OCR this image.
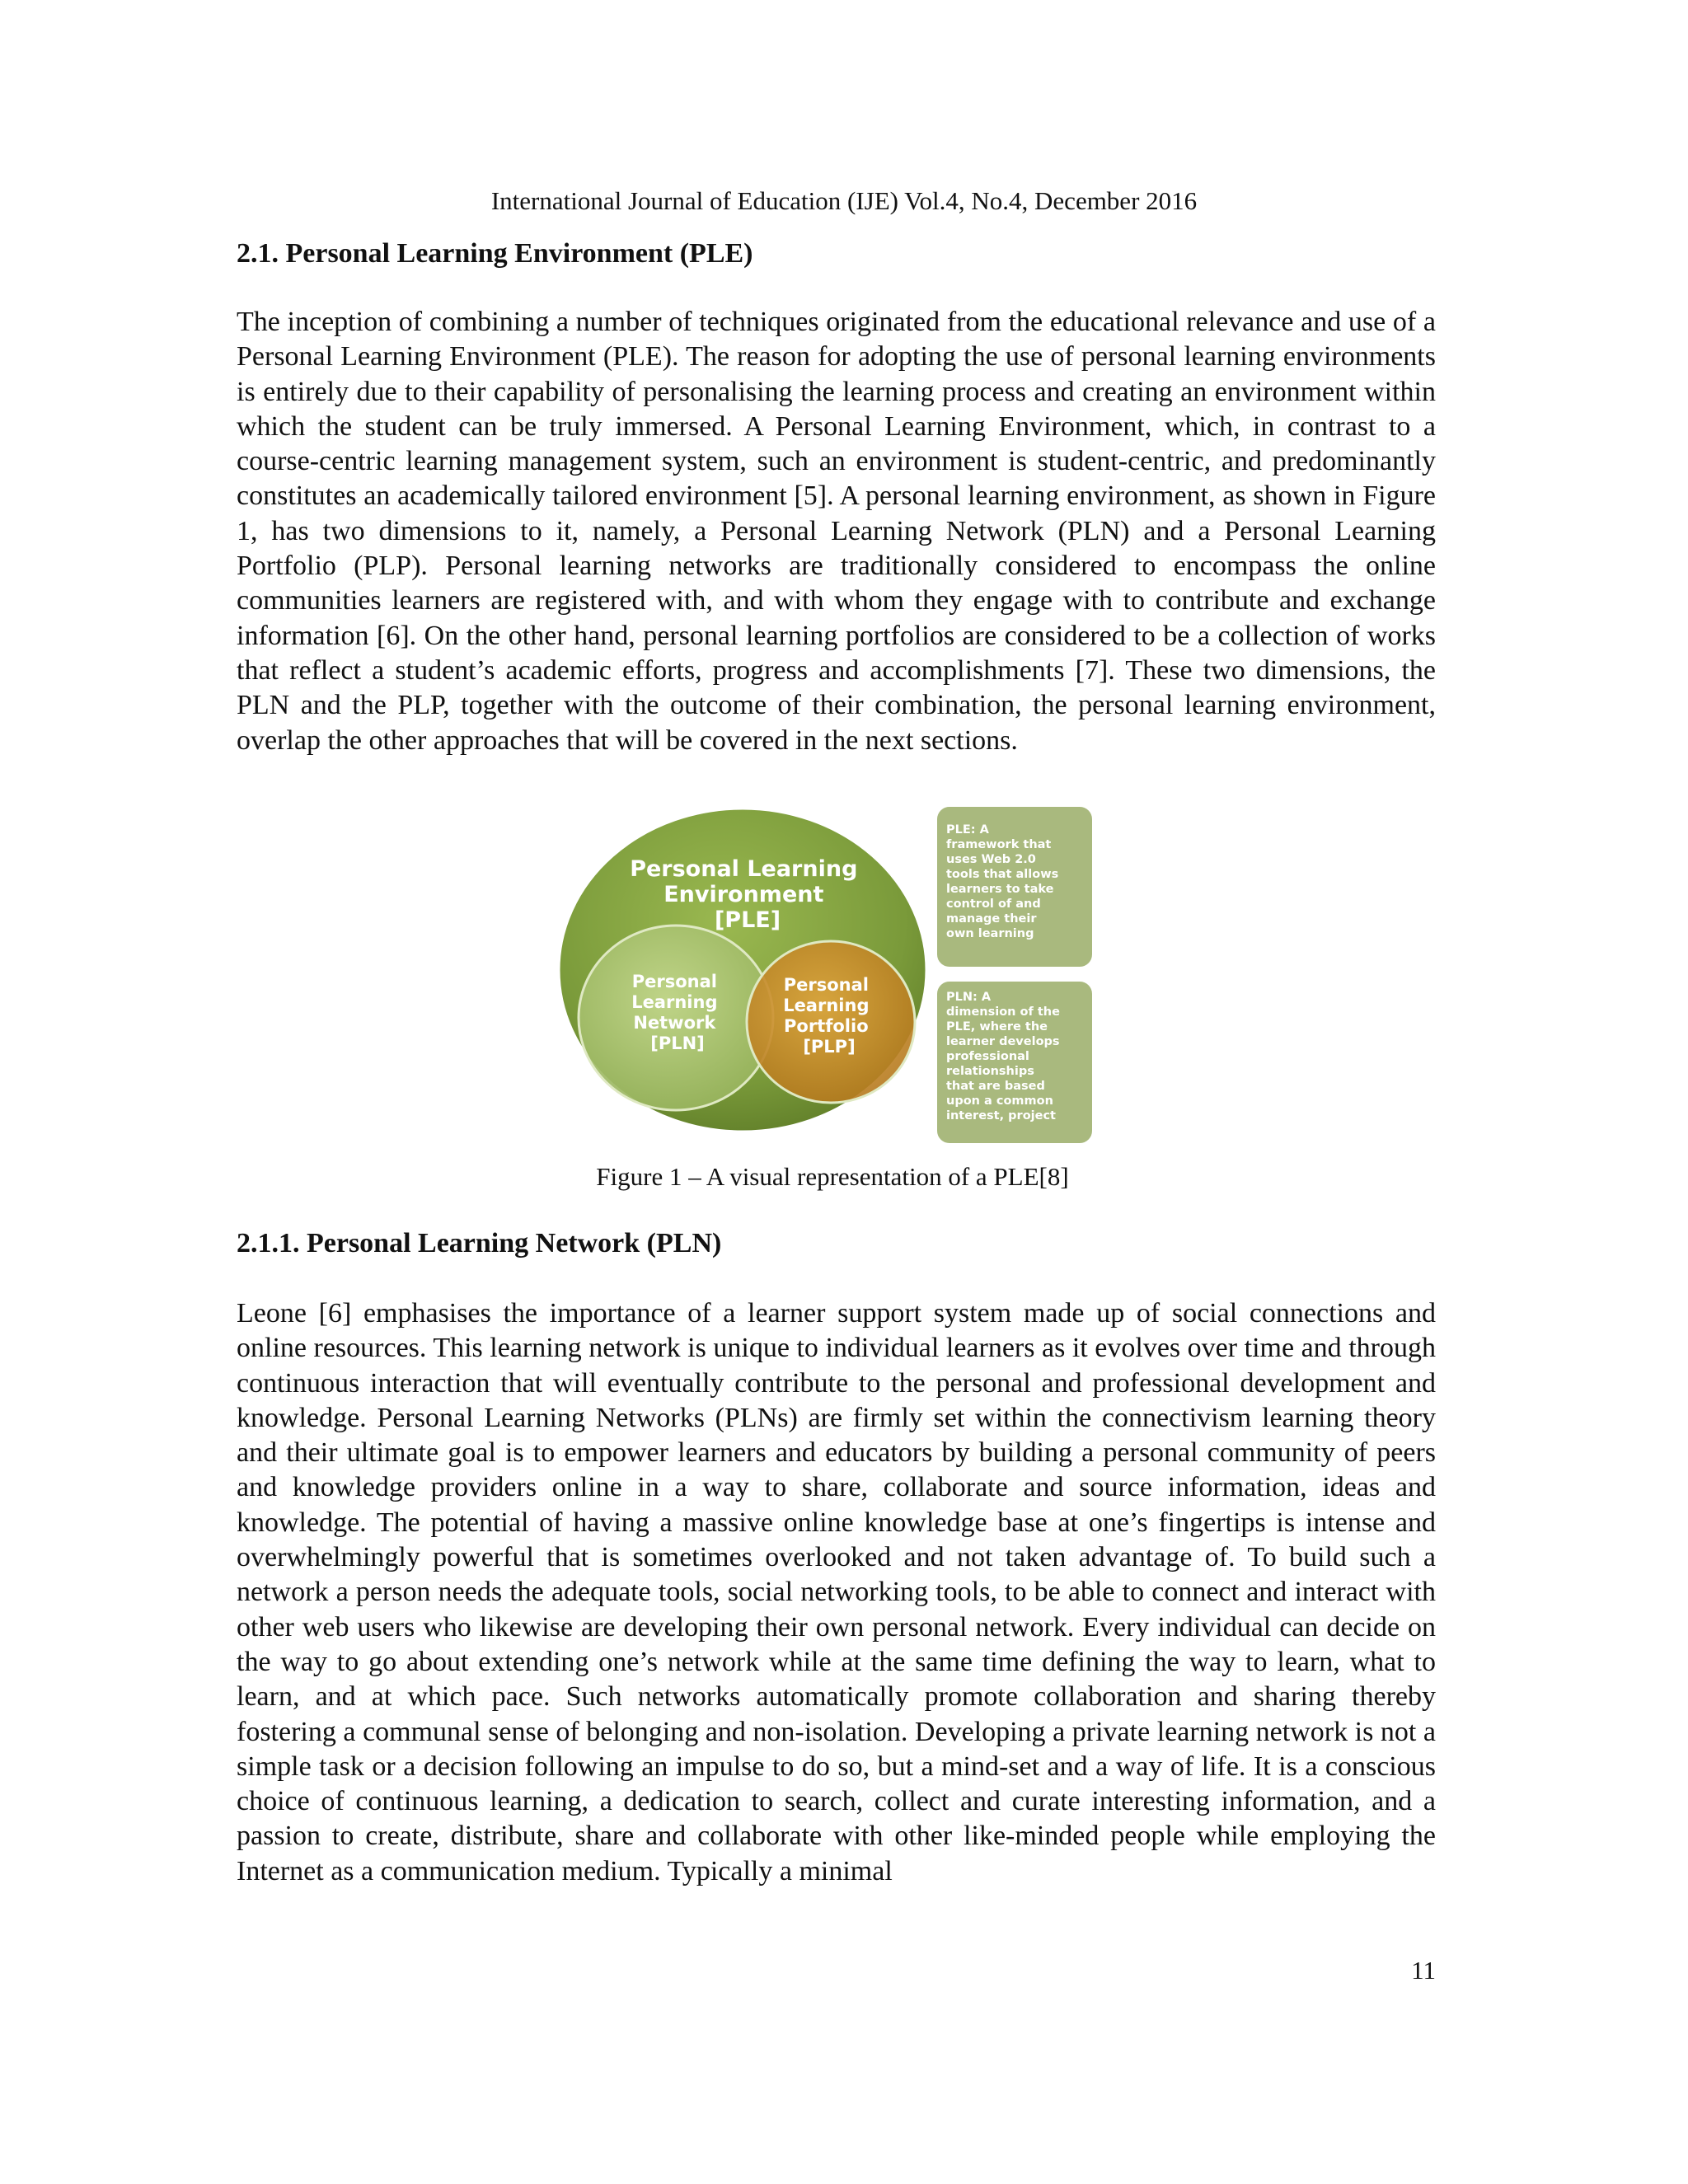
International Journal of Education (IJE) Vol.4, No.4, December 2016
2.1. Personal Learning Environment (PLE)

The inception of combining a number of techniques originated from the educational relevance and use of a Personal Learning Environment (PLE). The reason for adopting the use of personal learning environments is entirely due to their capability of personalising the learning process and creating an environment within which the student can be truly immersed. A Personal Learning Environment, which, in contrast to a course-centric learning management system, such an environment is student-centric, and predominantly constitutes an academically tailored environment [5]. A personal learning environment, as shown in Figure 1, has two dimensions to it, namely, a Personal Learning Network (PLN) and a Personal Learning Portfolio (PLP). Personal learning networks are traditionally considered to encompass the online communities learners are registered with, and with whom they engage with to contribute and exchange information [6]. On the other hand, personal learning portfolios are considered to be a collection of works that reflect a student’s academic efforts, progress and accomplishments [7]. These two dimensions, the PLN and the PLP, together with the outcome of their combination, the personal learning environment, overlap the other approaches that will be covered in the next sections.

Personal Learning Environment [PLE]
Personal Learning Network [PLN]
Personal Learning Portfolio [PLP]
PLE: A framework that uses Web 2.0 tools that allows learners to take control of and manage their own learning
PLN: A dimension of the PLE, where the learner develops professional relationships that are based upon a common interest, project
Figure 1 – A visual representation of a PLE[8]
2.1.1. Personal Learning Network (PLN)

Leone [6] emphasises the importance of a learner support system made up of social connections and online resources. This learning network is unique to individual learners as it evolves over time and through continuous interaction that will eventually contribute to the personal and professional development and knowledge. Personal Learning Networks (PLNs) are firmly set within the connectivism learning theory and their ultimate goal is to empower learners and educators by building a personal community of peers and knowledge providers online in a way to share, collaborate and source information, ideas and knowledge. The potential of having a massive online knowledge base at one’s fingertips is intense and overwhelmingly powerful that is sometimes overlooked and not taken advantage of. To build such a network a person needs the adequate tools, social networking tools, to be able to connect and interact with other web users who likewise are developing their own personal network. Every individual can decide on the way to go about extending one’s network while at the same time defining the way to learn, what to learn, and at which pace. Such networks automatically promote collaboration and sharing thereby fostering a communal sense of belonging and non-isolation. Developing a private learning network is not a simple task or a decision following an impulse to do so, but a mind-set and a way of life. It is a conscious choice of continuous learning, a dedication to search, collect and curate interesting information, and a passion to create, distribute, share and collaborate with other like-minded people while employing the Internet as a communication medium. Typically a minimal

11
